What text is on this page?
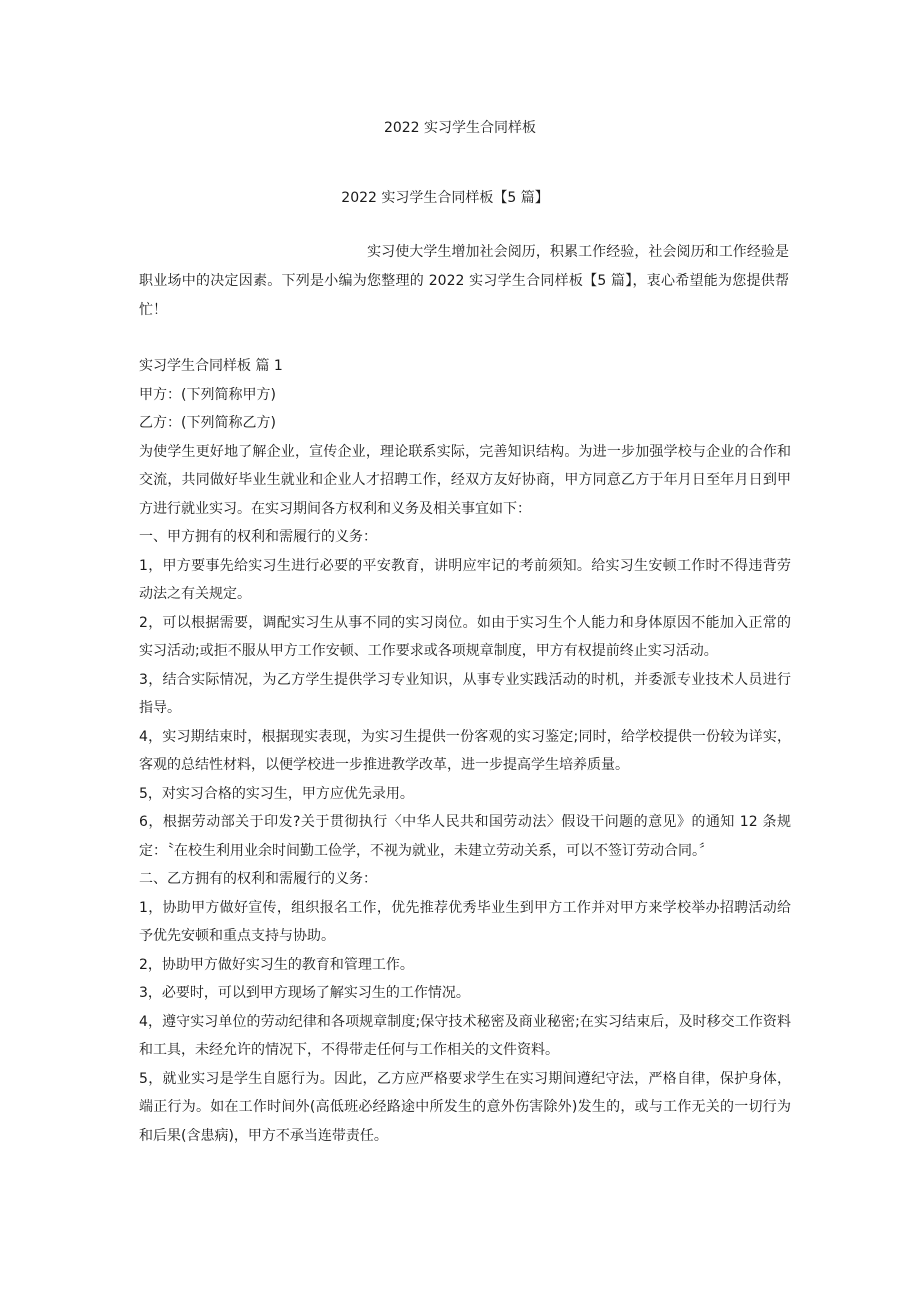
2022 实习学生合同样板
2022 实习学生合同样板【5 篇】
实习使大学生增加社会阅历，积累工作经验，社会阅历和工作经验是职业场中的决定因素。下列是小编为您整理的 2022 实习学生合同样板【5 篇】，衷心希望能为您提供帮忙！

实习学生合同样板 篇 1

甲方：(下列简称甲方)

乙方：(下列简称乙方)

为使学生更好地了解企业，宣传企业，理论联系实际，完善知识结构。为进一步加强学校与企业的合作和交流，共同做好毕业生就业和企业人才招聘工作，经双方友好协商，甲方同意乙方于年月日至年月日到甲方进行就业实习。在实习期间各方权利和义务及相关事宜如下：

一、甲方拥有的权利和需履行的义务：

1，甲方要事先给实习生进行必要的平安教育，讲明应牢记的考前须知。给实习生安顿工作时不得违背劳动法之有关规定。

2，可以根据需要，调配实习生从事不同的实习岗位。如由于实习生个人能力和身体原因不能加入正常的实习活动;或拒不服从甲方工作安顿、工作要求或各项规章制度，甲方有权提前终止实习活动。

3，结合实际情况，为乙方学生提供学习专业知识，从事专业实践活动的时机，并委派专业技术人员进行指导。

4，实习期结束时，根据现实表现，为实习生提供一份客观的实习鉴定;同时，给学校提供一份较为详实，客观的总结性材料，以便学校进一步推进教学改革，进一步提高学生培养质量。

5，对实习合格的实习生，甲方应优先录用。

6，根据劳动部关于印发?关于贯彻执行〈中华人民共和国劳动法〉假设干问题的意见》的通知 12 条规定：〝在校生利用业余时间勤工俭学，不视为就业，未建立劳动关系，可以不签订劳动合同。〞

二、乙方拥有的权利和需履行的义务：

1，协助甲方做好宣传，组织报名工作，优先推荐优秀毕业生到甲方工作并对甲方来学校举办招聘活动给予优先安顿和重点支持与协助。

2，协助甲方做好实习生的教育和管理工作。

3，必要时，可以到甲方现场了解实习生的工作情况。

4，遵守实习单位的劳动纪律和各项规章制度;保守技术秘密及商业秘密;在实习结束后，及时移交工作资料和工具，未经允许的情况下，不得带走任何与工作相关的文件资料。

5，就业实习是学生自愿行为。因此，乙方应严格要求学生在实习期间遵纪守法，严格自律，保护身体，端正行为。如在工作时间外(高低班必经路途中所发生的意外伤害除外)发生的，或与工作无关的一切行为和后果(含患病)，甲方不承当连带责任。
